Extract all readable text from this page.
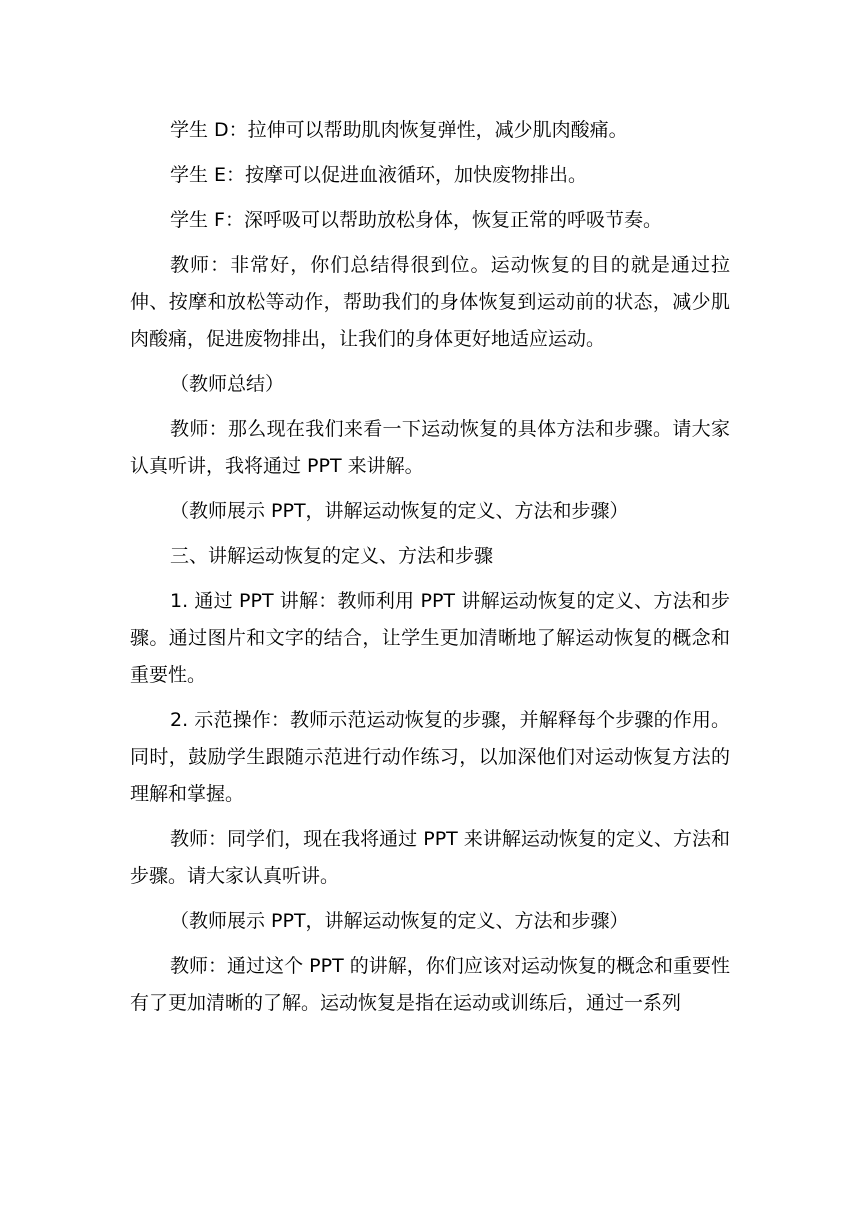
学生 D：拉伸可以帮助肌肉恢复弹性，减少肌肉酸痛。

学生 E：按摩可以促进血液循环，加快废物排出。

学生 F：深呼吸可以帮助放松身体，恢复正常的呼吸节奏。

教师：非常好，你们总结得很到位。运动恢复的目的就是通过拉伸、按摩和放松等动作，帮助我们的身体恢复到运动前的状态，减少肌肉酸痛，促进废物排出，让我们的身体更好地适应运动。

（教师总结）

教师：那么现在我们来看一下运动恢复的具体方法和步骤。请大家认真听讲，我将通过 PPT 来讲解。

（教师展示 PPT，讲解运动恢复的定义、方法和步骤）

三、讲解运动恢复的定义、方法和步骤

1. 通过 PPT 讲解：教师利用 PPT 讲解运动恢复的定义、方法和步骤。通过图片和文字的结合，让学生更加清晰地了解运动恢复的概念和重要性。

2. 示范操作：教师示范运动恢复的步骤，并解释每个步骤的作用。同时，鼓励学生跟随示范进行动作练习，以加深他们对运动恢复方法的理解和掌握。

教师：同学们，现在我将通过 PPT 来讲解运动恢复的定义、方法和步骤。请大家认真听讲。

（教师展示 PPT，讲解运动恢复的定义、方法和步骤）

教师：通过这个 PPT 的讲解，你们应该对运动恢复的概念和重要性有了更加清晰的了解。运动恢复是指在运动或训练后，通过一系列
